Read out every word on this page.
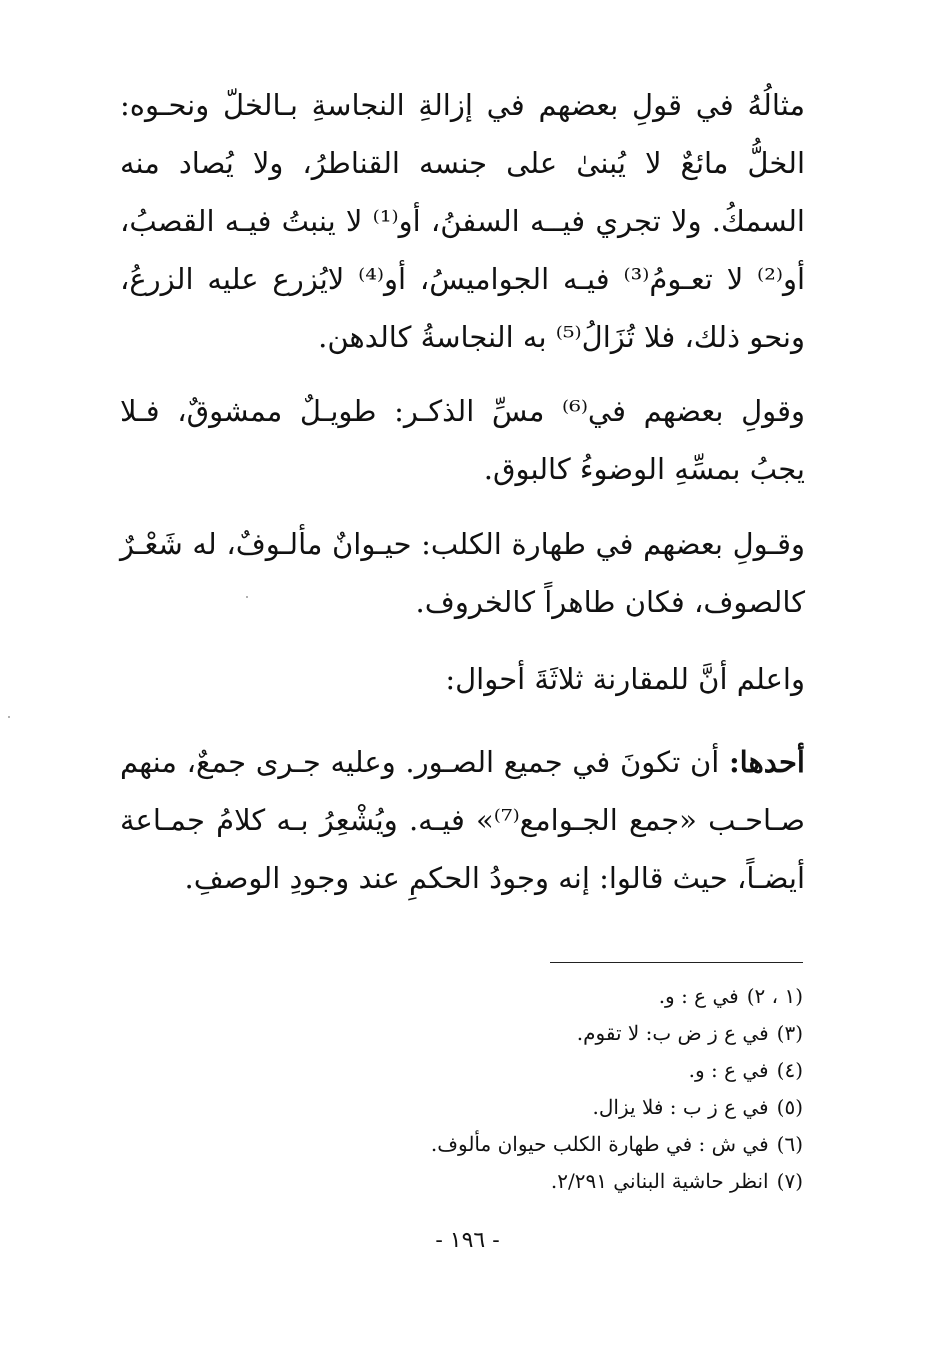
مثالُهُ في قولِ بعضهم في إزالةِ النجاسةِ بـالخلّ ونحـوه: الخلُّ مائعٌ لا يُبنىٰ على جنسه القناطرُ، ولا يُصاد منه السمكُ. ولا تجري فيــه السفنُ، أو⁽¹⁾ لا ينبتُ فيـه القصبُ، أو⁽²⁾ لا تعـومُ⁽³⁾ فيـه الجواميسُ، أو⁽⁴⁾ لايُزرع عليه الزرعُ، ونحو ذلك، فلا تُزَالُ⁽⁵⁾ به النجاسةُ كالدهن.

وقولِ بعضهم في⁽⁶⁾ مسِّ الذكـر: طويـلٌ ممشوقٌ، فـلا يجبُ بمسِّهِ الوضوءُ كالبوق.

وقـولِ بعضهم في طهارة الكلب: حيـوانٌ مألـوفٌ، له شَعْـرٌ كالصوف، فكان طاهراً كالخروف.

واعلم أنَّ للمقارنة ثلاثَةَ أحوال:

أحدها: أن تكونَ في جميع الصـور. وعليه جـرى جمعٌ، منهم صـاحـب «جمع الجـوامع⁽⁷⁾» فيـه. ويُشْعِرُ بـه كلامُ جمـاعة أيضـاً، حيث قالوا: إنه وجودُ الحكمِ عند وجودِ الوصفِ.

(١ ، ٢)في ع : و.
(٣)في ع ز ض ب: لا تقوم.
(٤)في ع : و.
(٥)في ع ز ب : فلا يزال.
(٦)في ش : في طهارة الكلب حيوان مألوف.
(٧)انظر حاشية البناني ٢/٢٩١.
- ١٩٦ -
